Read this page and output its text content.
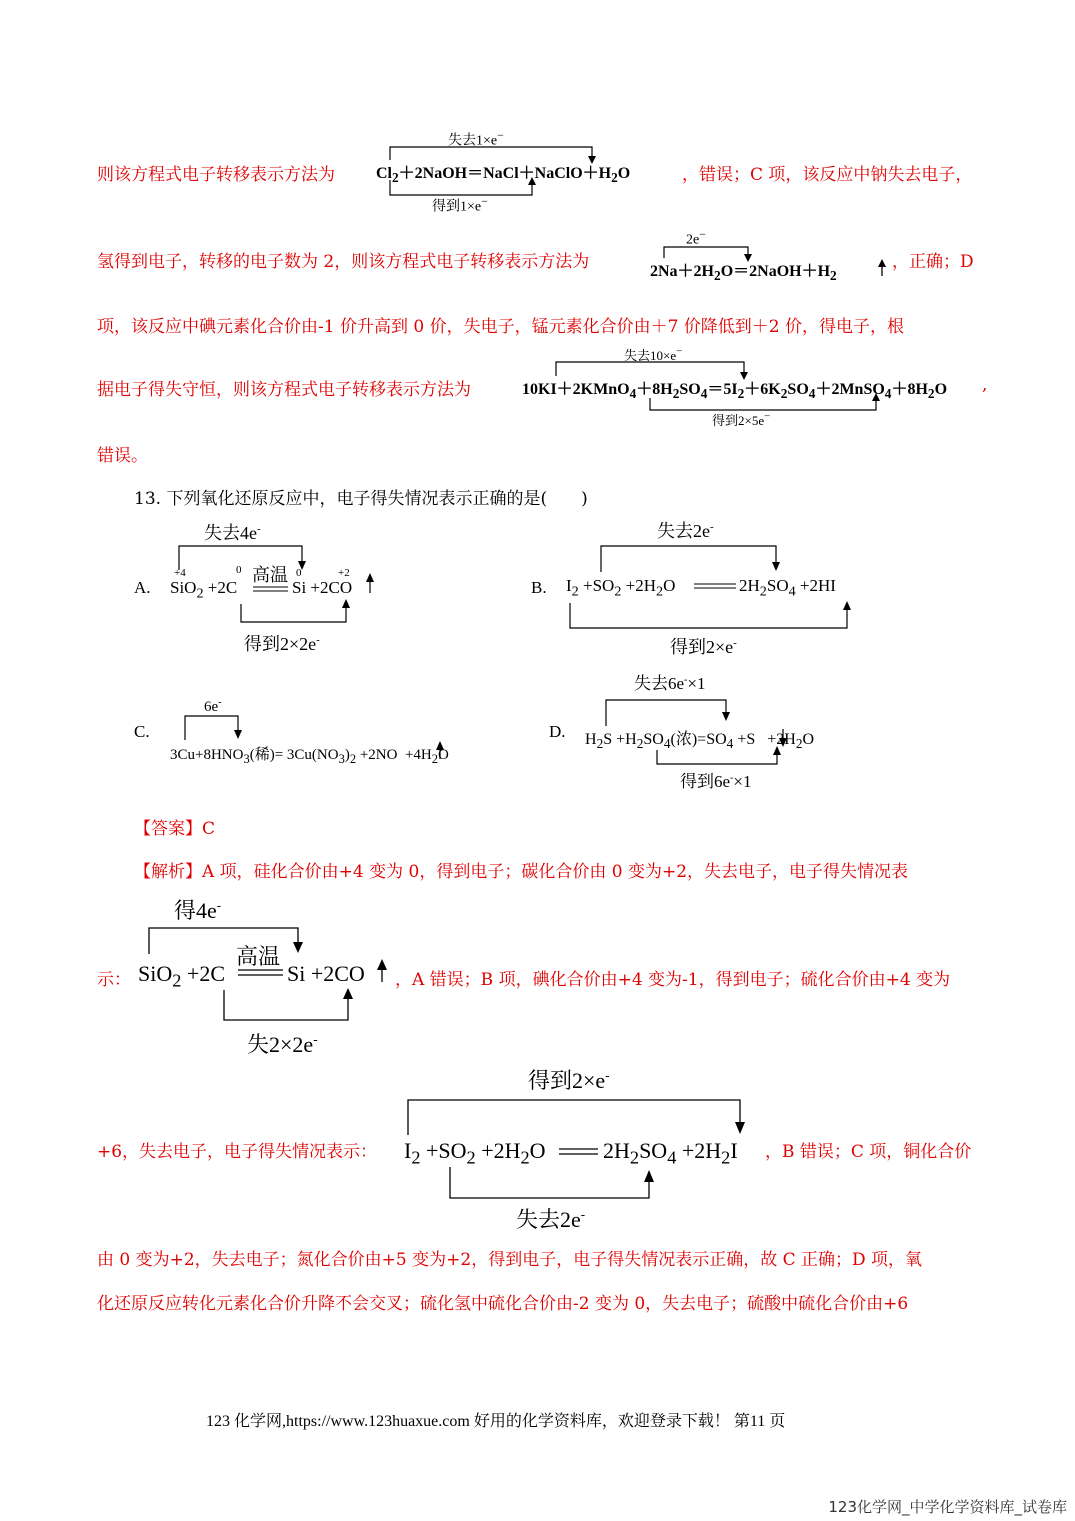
则该方程式电子转移表示方法为
失去1×e−
$Cl_2+2NaOH=NaCl+NaClO+H_2O$
得到1×e−
，错误；C 项，该反应中钠失去电子，
氢得到电子，转移的电子数为 2，则该方程式电子转移表示方法为
2e−
$2Na+2H_2O=2NaOH+H_2$
，正确；D
项，该反应中碘元素化合价由-1 价升高到 0 价，失电子，锰元素化合价由＋7 价降低到＋2 价，得电子，根
据电子得失守恒，则该方程式电子转移表示方法为
失去10×e−
$10KI+2KMnO_4+8H_2SO_4=5I_2+6K_2SO_4+2MnSO_4+8H_2O$
得到2×5e−
,
错误。
13. 下列氧化还原反应中，电子得失情况表示正确的是(　　)
A.
失去4e-
+4	0	0	+2
高温
SiO$_2$ +2C	Si +2CO
得到2×2e-
B.
失去2e-
$I_2 +SO_2 +2H_2O$	$2H_2SO_4 +2HI$
得到2×e-
C.
6e-
$3Cu+8HNO_3$(稀)= $3Cu(NO_3)_2 +2NO +4H_2O$
D.
失去6e-×1
$H_2S +H_2SO_4$(浓)$=SO_4 +S +2H_2O$
得到6e-×1
【答案】C
【解析】A 项，硅化合价由+4 变为 0，得到电子；碳化合价由 0 变为+2，失去电子，电子得失情况表
示：
得4e-
高温
SiO$_2$ +2C	Si +2CO
失2×2e-
，A 错误；B 项，碘化合价由+4 变为-1，得到电子；硫化合价由+4 变为
+6，失去电子，电子得失情况表示：
得到2×e-
$I_2 +SO_2 +2H_2O$	$2H_2SO_4 +2H_2I$
失去2e-
，B 错误；C 项，铜化合价
由 0 变为+2，失去电子；氮化合价由+5 变为+2，得到电子，电子得失情况表示正确，故 C 正确；D 项，氧
化还原反应转化元素化合价升降不会交叉；硫化氢中硫化合价由-2 变为 0，失去电子；硫酸中硫化合价由+6
123 化学网,https://www.123huaxue.com 好用的化学资料库，欢迎登录下载！ 第11 页
123化学网_中学化学资料库_试卷库
